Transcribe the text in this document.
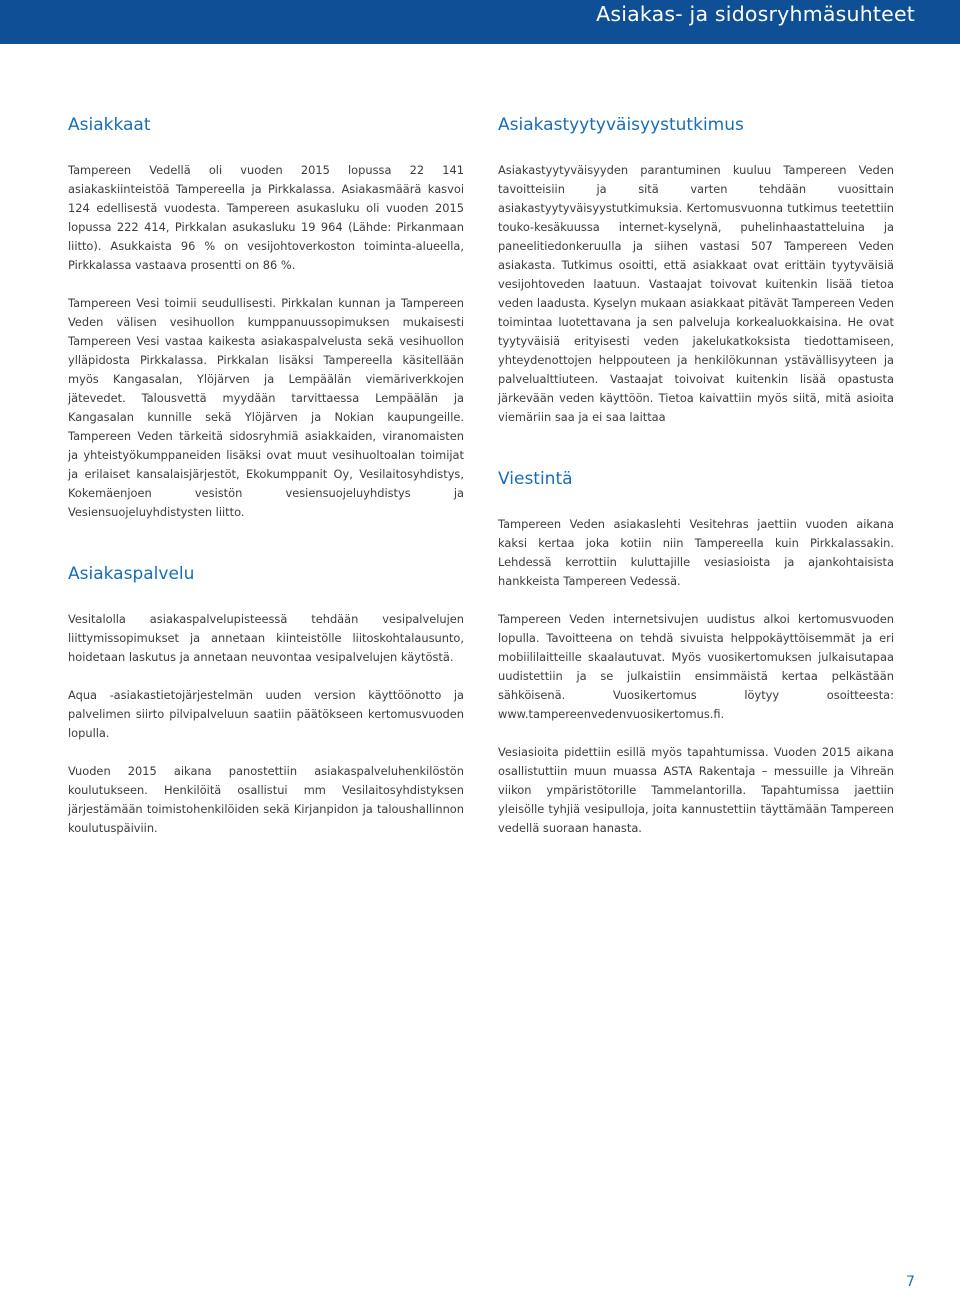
Asiakas- ja sidosryhmäsuhteet
Asiakkaat

Tampereen Vedellä oli vuoden 2015 lopussa 22 141 asiakaskiinteistöä Tampereella ja Pirkkalassa. Asiakasmäärä kasvoi 124 edellisestä vuodesta. Tampereen asukasluku oli vuoden 2015 lopussa 222 414, Pirkkalan asukasluku 19 964 (Lähde: Pirkanmaan liitto). Asukkaista 96 % on vesijohtoverkoston toiminta-alueella, Pirkkalassa vastaava prosentti on 86 %.

Tampereen Vesi toimii seudullisesti. Pirkkalan kunnan ja Tampereen Veden välisen vesihuollon kumppanuussopimuksen mukaisesti Tampereen Vesi vastaa kaikesta asiakaspalvelusta sekä vesihuollon ylläpidosta Pirkkalassa. Pirkkalan lisäksi Tampereella käsitellään myös Kangasalan, Ylöjärven ja Lempäälän viemäriverkkojen jätevedet. Talousvettä myydään tarvittaessa Lempäälän ja Kangasalan kunnille sekä Ylöjärven ja Nokian kaupungeille. Tampereen Veden tärkeitä sidosryhmiä asiakkaiden, viranomaisten ja yhteistyökumppaneiden lisäksi ovat muut vesihuoltoalan toimijat ja erilaiset kansalaisjärjestöt, Ekokumppanit Oy, Vesilaitosyhdistys, Kokemäenjoen vesistön vesiensuojeluyhdistys ja Vesiensuojeluyhdistysten liitto.

Asiakaspalvelu

Vesitalolla asiakaspalvelupisteessä tehdään vesipalvelujen liittymissopimukset ja annetaan kiinteistölle liitoskohtalausunto, hoidetaan laskutus ja annetaan neuvontaa vesipalvelujen käytöstä.

Aqua -asiakastietojärjestelmän uuden version käyttöönotto ja palvelimen siirto pilvipalveluun saatiin päätökseen kertomusvuoden lopulla.

Vuoden 2015 aikana panostettiin asiakaspalveluhenkilöstön koulutukseen. Henkilöitä osallistui mm Vesilaitosyhdistyksen järjestämään toimistohenkilöiden sekä Kirjanpidon ja taloushallinnon koulutuspäiviin.

Asiakastyytyväisyystutkimus

Asiakastyytyväisyyden parantuminen kuuluu Tampereen Veden tavoitteisiin ja sitä varten tehdään vuosittain asiakastyytyväisyystutkimuksia. Kertomusvuonna tutkimus teetettiin touko-kesäkuussa internet-kyselynä, puhelinhaastatteluina ja paneelitiedonkeruulla ja siihen vastasi 507 Tampereen Veden asiakasta. Tutkimus osoitti, että asiakkaat ovat erittäin tyytyväisiä vesijohtoveden laatuun. Vastaajat toivovat kuitenkin lisää tietoa veden laadusta. Kyselyn mukaan asiakkaat pitävät Tampereen Veden toimintaa luotettavana ja sen palveluja korkealuokkaisina. He ovat tyytyväisiä erityisesti veden jakelukatkoksista tiedottamiseen, yhteydenottojen helppouteen ja henkilökunnan ystävällisyyteen ja palvelualttiuteen. Vastaajat toivoivat kuitenkin lisää opastusta järkevään veden käyttöön. Tietoa kaivattiin myös siitä, mitä asioita viemäriin saa ja ei saa laittaa

Viestintä

Tampereen Veden asiakaslehti Vesitehras jaettiin vuoden aikana kaksi kertaa joka kotiin niin Tampereella kuin Pirkkalassakin. Lehdessä kerrottiin kuluttajille vesiasioista ja ajankohtaisista hankkeista Tampereen Vedessä.

Tampereen Veden internetsivujen uudistus alkoi kertomusvuoden lopulla. Tavoitteena on tehdä sivuista helppokäyttöisemmät ja eri mobiililaitteille skaalautuvat. Myös vuosikertomuksen julkaisutapaa uudistettiin ja se julkaistiin ensimmäistä kertaa pelkästään sähköisenä. Vuosikertomus löytyy osoitteesta: www.tampereenvedenvuosikertomus.fi.

Vesiasioita pidettiin esillä myös tapahtumissa. Vuoden 2015 aikana osallistuttiin muun muassa ASTA Rakentaja – messuille ja Vihreän viikon ympäristötorille Tammelantorilla. Tapahtumissa jaettiin yleisölle tyhjiä vesipulloja, joita kannustettiin täyttämään Tampereen vedellä suoraan hanasta.

7
